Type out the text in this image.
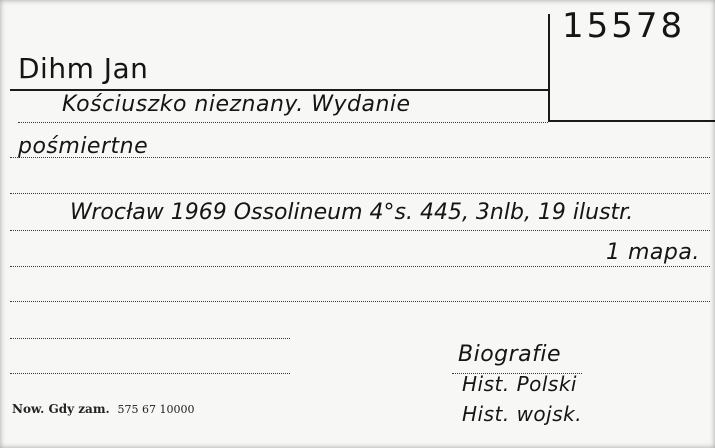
15578
Dihm Jan
Kościuszko nieznany. Wydanie
pośmiertne
Wrocław 1969 Ossolineum 4°s. 445, 3nlb, 19 ilustr.
1 mapa.
Biografie
Hist. Polski
Hist. wojsk.
Now. Gdy zam. 575 67 10000
